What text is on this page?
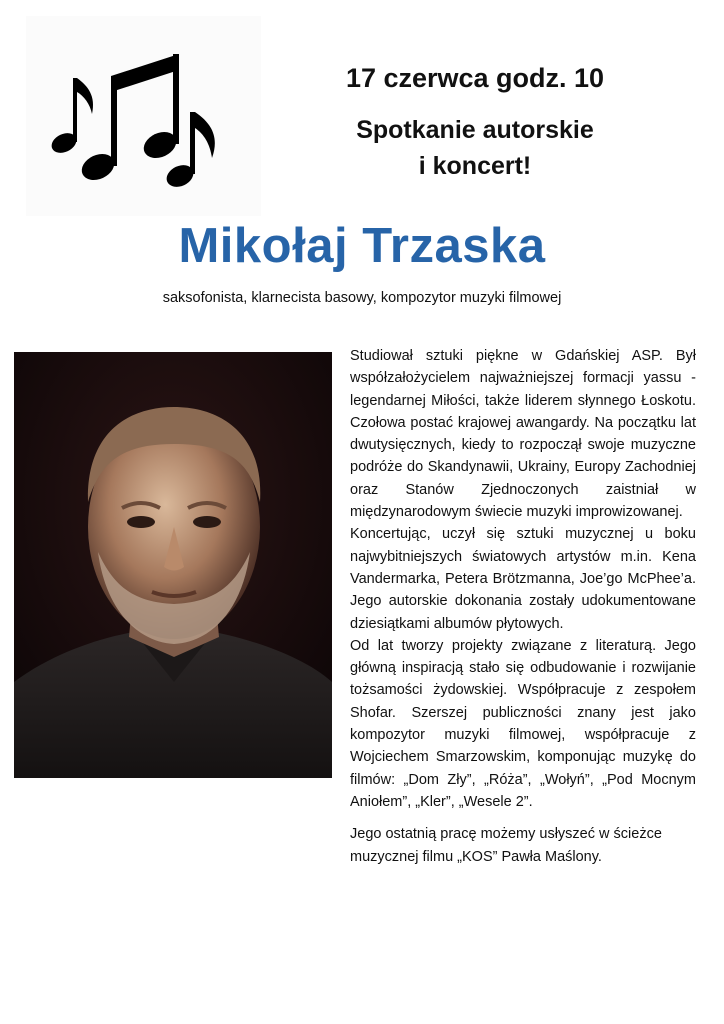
17 czerwca godz. 10

Spotkanie autorskie
i koncert!

Mikołaj Trzaska

saksofonista, klarnecista basowy, kompozytor muzyki filmowej

Studiował sztuki piękne w Gdańskiej ASP. Był współzałożycielem najważniejszej formacji yassu - legendarnej Miłości, także liderem słynnego Łoskotu. Czołowa postać krajowej awangardy. Na początku lat dwutysięcznych, kiedy to rozpoczął swoje muzyczne podróże do Skandynawii, Ukrainy, Europy Zachodniej oraz Stanów Zjednoczonych zaistniał w międzynarodowym świecie muzyki improwizowanej.

Koncertując, uczył się sztuki muzycznej u boku najwybitniejszych światowych artystów m.in. Kena Vandermarka, Petera Brötzmanna, Joe’go McPhee’a. Jego autorskie dokonania zostały udokumentowane dziesiątkami albumów płytowych.

Od lat tworzy projekty związane z literaturą. Jego główną inspiracją stało się odbudowanie i rozwijanie tożsamości żydowskiej. Współpracuje z zespołem Shofar. Szerszej publiczności znany jest jako kompozytor muzyki filmowej, współpracuje z Wojciechem Smarzowskim, komponując muzykę do filmów: „Dom Zły”, „Róża”, „Wołyń”, „Pod Mocnym Aniołem”, „Kler”, „Wesele 2”.

Jego ostatnią pracę możemy usłyszeć w ścieżce muzycznej filmu „KOS” Pawła Maślony.
